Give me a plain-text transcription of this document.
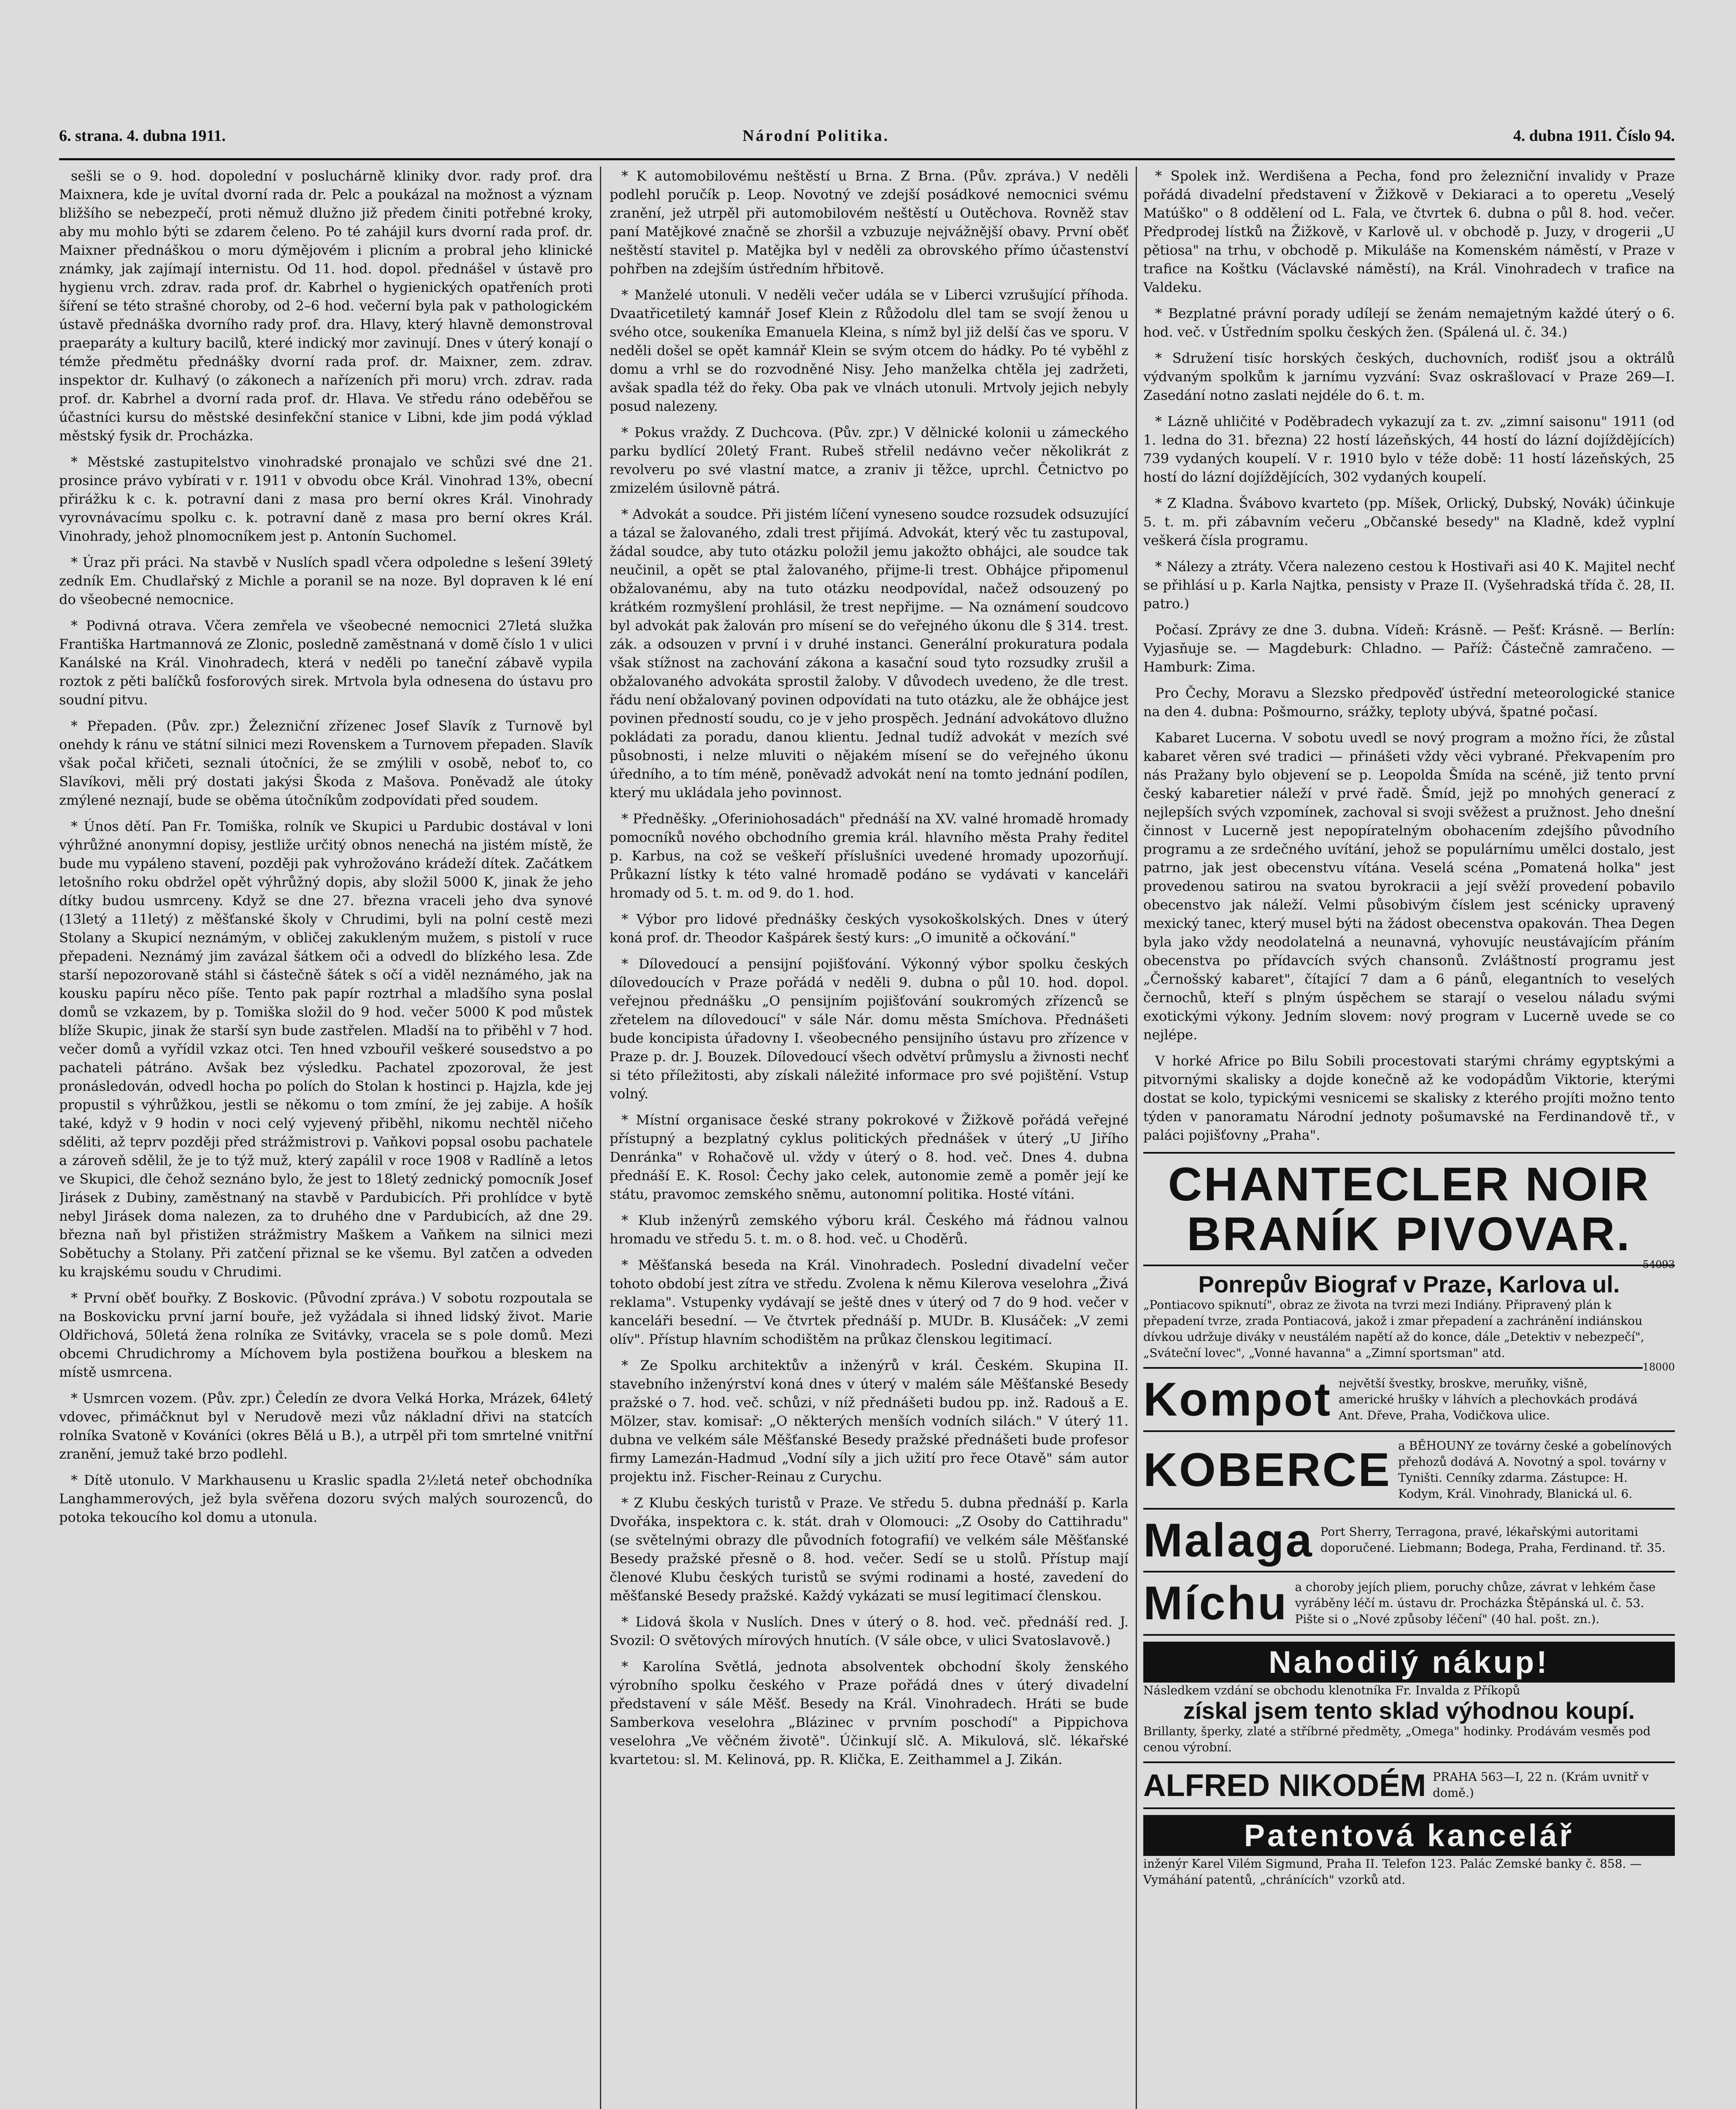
6. strana. 4. dubna 1911.	Národní Politika.	4. dubna 1911. Číslo 94.

sešli se o 9. hod. dopolední v posluchárně kliniky dvor. rady prof. dra Maixnera, kde je uvítal dvorní rada dr. Pelc a poukázal na možnost a význam bližšího se nebezpečí, proti němuž dlužno již předem činiti potřebné kroky, aby mu mohlo býti se zdarem čeleno. Po té zahájil kurs dvorní rada prof. dr. Maixner přednáškou o moru dýmějovém i plicním a probral jeho klinické známky, jak zajímají internistu. Od 11. hod. dopol. přednášel v ústavě pro hygienu vrch. zdrav. rada prof. dr. Kabrhel o hygienických opatřeních proti šíření se této strašné choroby, od 2–6 hod. večerní byla pak v pathologickém ústavě přednáška dvorního rady prof. dra. Hlavy, který hlavně demonstroval praeparáty a kultury bacilů, které indický mor zavinují. Dnes v úterý konají o témže předmětu přednášky dvorní rada prof. dr. Maixner, zem. zdrav. inspektor dr. Kulhavý (o zákonech a nařízeních při moru) vrch. zdrav. rada prof. dr. Kabrhel a dvorní rada prof. dr. Hlava. Ve středu ráno odeběřou se účastníci kursu do městské desinfekční stanice v Libni, kde jim podá výklad městský fysik dr. Procházka.

* Městské zastupitelstvo vinohradské pronajalo ve schůzi své dne 21. prosince právo vybírati v r. 1911 v obvodu obce Král. Vinohrad 13%, obecní přirážku k c. k. potravní dani z masa pro berní okres Král. Vinohrady vyrovnávacímu spolku c. k. potravní daně z masa pro berní okres Král. Vinohrady, jehož plnomocníkem jest p. Antonín Suchomel.

* Úraz při práci. Na stavbě v Nuslích spadl včera odpoledne s lešení 39letý zedník Em. Chudlařský z Michle a poranil se na noze. Byl dopraven k lé ení do všeobecné nemocnice.

* Podivná otrava. Včera zemřela ve všeobecné nemocnici 27letá služka Františka Hartmannová ze Zlonic, posledně zaměstnaná v domě číslo 1 v ulici Kanálské na Král. Vinohradech, která v neděli po taneční zábavě vypila roztok z pěti balíčků fosforových sirek. Mrtvola byla odnesena do ústavu pro soudní pitvu.

* Přepaden. (Pův. zpr.) Železniční zřízenec Josef Slavík z Turnově byl onehdy k ránu ve státní silnici mezi Rovenskem a Turnovem přepaden. Slavík však počal křičeti, seznali útočníci, že se zmýlili v osobě, neboť to, co Slavíkovi, měli prý dostati jakýsi Škoda z Mašova. Poněvadž ale útoky zmýlené neznají, bude se oběma útočníkům zodpovídati před soudem.

* Únos dětí. Pan Fr. Tomiška, rolník ve Skupici u Pardubic dostával v loni výhrůžné anonymní dopisy, jestliže určitý obnos nenechá na jistém místě, že bude mu vypáleno stavení, později pak vyhrožováno krádeží dítek. Začátkem letošního roku obdržel opět výhrůžný dopis, aby složil 5000 K, jinak že jeho dítky budou usmrceny. Když se dne 27. března vraceli jeho dva synové (13letý a 11letý) z měšťanské školy v Chrudimi, byli na polní cestě mezi Stolany a Skupicí neznámým, v obličej zakukleným mužem, s pistolí v ruce přepadeni. Neznámý jim zavázal šátkem oči a odvedl do blízkého lesa. Zde starší nepozorovaně stáhl si částečně šátek s očí a viděl neznámého, jak na kousku papíru něco píše. Tento pak papír roztrhal a mladšího syna poslal domů se vzkazem, by p. Tomiška složil do 9 hod. večer 5000 K pod můstek blíže Skupic, jinak že starší syn bude zastřelen. Mladší na to přiběhl v 7 hod. večer domů a vyřídil vzkaz otci. Ten hned vzbouřil veškeré sousedstvo a po pachateli pátráno. Avšak bez výsledku. Pachatel zpozoroval, že jest pronásledován, odvedl hocha po polích do Stolan k hostinci p. Hajzla, kde jej propustil s výhrůžkou, jestli se někomu o tom zmíní, že jej zabije. A hošík také, když v 9 hodin v noci celý vyjevený přiběhl, nikomu nechtěl ničeho sděliti, až teprv později před strážmistrovi p. Vaňkovi popsal osobu pachatele a zároveň sdělil, že je to týž muž, který zapálil v roce 1908 v Radlíně a letos ve Skupici, dle čehož seznáno bylo, že jest to 18letý zednický pomocník Josef Jirásek z Dubiny, zaměstnaný na stavbě v Pardubicích. Při prohlídce v bytě nebyl Jirásek doma nalezen, za to druhého dne v Pardubicích, až dne 29. března naň byl přistižen strážmistry Maškem a Vaňkem na silnici mezi Sobětuchy a Stolany. Při zatčení přiznal se ke všemu. Byl zatčen a odveden ku krajskému soudu v Chrudimi.

* První oběť bouřky. Z Boskovic. (Původní zpráva.) V sobotu rozpoutala se na Boskovicku první jarní bouře, jež vyžádala si ihned lidský život. Marie Oldřichová, 50letá žena rolníka ze Svitávky, vracela se s pole domů. Mezi obcemi Chrudichromy a Míchovem byla postižena bouřkou a bleskem na místě usmrcena.

* Usmrcen vozem. (Pův. zpr.) Čeledín ze dvora Velká Horka, Mrázek, 64letý vdovec, přimáčknut byl v Nerudově mezi vůz nákladní dřivi na statcích rolníka Svatoně v Kováníci (okres Bělá u B.), a utrpěl při tom smrtelné vnitřní zranění, jemuž také brzo podlehl.

* Dítě utonulo. V Markhausenu u Kraslic spadla 2½letá neteř obchodníka Langhammerových, jež byla svěřena dozoru svých malých sourozenců, do potoka tekoucího kol domu a utonula.

* K automobilovému neštěstí u Brna. Z Brna. (Pův. zpráva.) V neděli podlehl poručík p. Leop. Novotný ve zdejší posádkové nemocnici svému zranění, jež utrpěl při automobilovém neštěstí u Outěchova. Rovněž stav paní Matějkové značně se zhoršil a vzbuzuje nejvážnější obavy. První oběť neštěstí stavitel p. Matějka byl v neděli za obrovského přímo účastenství pohřben na zdejším ústředním hřbitově.

* Manželé utonuli. V neděli večer udála se v Liberci vzrušující příhoda. Dvaatřicetiletý kamnář Josef Klein z Růžodolu dlel tam se svojí ženou u svého otce, soukeníka Emanuela Kleina, s nímž byl již delší čas ve sporu. V neděli došel se opět kamnář Klein se svým otcem do hádky. Po té vyběhl z domu a vrhl se do rozvodněné Nisy. Jeho manželka chtěla jej zadržeti, avšak spadla též do řeky. Oba pak ve vlnách utonuli. Mrtvoly jejich nebyly posud nalezeny.

* Pokus vraždy. Z Duchcova. (Pův. zpr.) V dělnické kolonii u zámeckého parku bydlící 20letý Frant. Rubeš střelil nedávno večer několikrát z revolveru po své vlastní matce, a zraniv ji těžce, uprchl. Četnictvo po zmizelém úsilovně pátrá.

* Advokát a soudce. Při jistém líčení vyneseno soudce rozsudek odsuzující a tázal se žalovaného, zdali trest přijímá. Advokát, který věc tu zastupoval, žádal soudce, aby tuto otázku položil jemu jakožto obhájci, ale soudce tak neučinil, a opět se ptal žalovaného, přijme-li trest. Obhájce připomenul obžalovanému, aby na tuto otázku neodpovídal, načež odsouzený po krátkém rozmyšlení prohlásil, že trest nepřijme. — Na oznámení soudcovo byl advokát pak žalován pro mísení se do veřejného úkonu dle § 314. trest. zák. a odsouzen v první i v druhé instanci. Generální prokuratura podala však stížnost na zachování zákona a kasační soud tyto rozsudky zrušil a obžalovaného advokáta sprostil žaloby. V důvodech uvedeno, že dle trest. řádu není obžalovaný povinen odpovídati na tuto otázku, ale že obhájce jest povinen předností soudu, co je v jeho prospěch. Jednání advokátovo dlužno pokládati za poradu, danou klientu. Jednal tudíž advokát v mezích své působnosti, i nelze mluviti o nějakém mísení se do veřejného úkonu úředního, a to tím méně, poněvadž advokát není na tomto jednání podílen, který mu ukládala jeho povinnost.

* Předněšky. „Oferiniohosadách" přednáší na XV. valné hromadě hromady pomocníků nového obchodního gremia král. hlavního města Prahy ředitel p. Karbus, na což se veškeří příslušníci uvedené hromady upozorňují. Průkazní lístky k této valné hromadě podáno se vydávati v kanceláři hromady od 5. t. m. od 9. do 1. hod.

* Výbor pro lidové přednášky českých vysokoškolských. Dnes v úterý koná prof. dr. Theodor Kašpárek šestý kurs: „O imunitě a očkování."

* Dílovedoucí a pensijní pojišťování. Výkonný výbor spolku českých dílovedoucích v Praze pořádá v neděli 9. dubna o půl 10. hod. dopol. veřejnou přednášku „O pensijním pojišťování soukromých zřízenců se zřetelem na dílovedoucí" v sále Nár. domu města Smíchova. Přednášeti bude koncipista úřadovny I. všeobecného pensijního ústavu pro zřízence v Praze p. dr. J. Bouzek. Dílovedoucí všech odvětví průmyslu a živnosti nechť si této příležitosti, aby získali náležité informace pro své pojištění. Vstup volný.

* Místní organisace české strany pokrokové v Žižkově pořádá veřejné přístupný a bezplatný cyklus politických přednášek v úterý „U Jiřího Denránka" v Rohačově ul. vždy v úterý o 8. hod. več. Dnes 4. dubna přednáší E. K. Rosol: Čechy jako celek, autonomie země a poměr její ke státu, pravomoc zemského sněmu, autonomní politika. Hosté vítáni.

* Klub inženýrů zemského výboru král. Českého má řádnou valnou hromadu ve středu 5. t. m. o 8. hod. več. u Choděrů.

* Měšťanská beseda na Král. Vinohradech. Poslední divadelní večer tohoto období jest zítra ve středu. Zvolena k němu Kilerova veselohra „Živá reklama". Vstupenky vydávají se ještě dnes v úterý od 7 do 9 hod. večer v kanceláři besední. — Ve čtvrtek přednáší p. MUDr. B. Klusáček: „V zemi olív". Přístup hlavním schodištěm na průkaz členskou legitimací.

* Ze Spolku architektův a inženýrů v král. Českém. Skupina II. stavebního inženýrství koná dnes v úterý v malém sále Měšťanské Besedy pražské o 7. hod. več. schůzi, v níž přednášeti budou pp. inž. Radouš a E. Mölzer, stav. komisař: „O některých menších vodních silách." V úterý 11. dubna ve velkém sále Měšťanské Besedy pražské přednášeti bude profesor firmy Lamezán-Hadmud „Vodní síly a jich užití pro řece Otavě" sám autor projektu inž. Fischer-Reinau z Curychu.

* Z Klubu českých turistů v Praze. Ve středu 5. dubna přednáší p. Karla Dvořáka, inspektora c. k. stát. drah v Olomouci: „Z Osoby do Cattihradu" (se světelnými obrazy dle původních fotografií) ve velkém sále Měšťanské Besedy pražské přesně o 8. hod. večer. Sedí se u stolů. Přístup mají členové Klubu českých turistů se svými rodinami a hosté, zavedení do měšťanské Besedy pražské. Každý vykázati se musí legitimací členskou.

* Lidová škola v Nuslích. Dnes v úterý o 8. hod. več. přednáší red. J. Svozil: O světových mírových hnutích. (V sále obce, v ulici Svatoslavově.)

* Karolína Světlá, jednota absolventek obchodní školy ženského výrobního spolku českého v Praze pořádá dnes v úterý divadelní představení v sále Měšť. Besedy na Král. Vinohradech. Hráti se bude Samberkova veselohra „Blázinec v prvním poschodí" a Pippichova veselohra „Ve věčném životě". Účinkují slč. A. Mikulová, slč. lékařské kvartetou: sl. M. Kelinová, pp. R. Klička, E. Zeithammel a J. Zikán.

* Spolek inž. Werdišena a Pecha, fond pro železniční invalidy v Praze pořádá divadelní představení v Žižkově v Dekiaraci a to operetu „Veselý Matúško" o 8 oddělení od L. Fala, ve čtvrtek 6. dubna o půl 8. hod. večer. Předprodej lístků na Žižkově, v Karlově ul. v obchodě p. Juzy, v drogerii „U pětiosa" na trhu, v obchodě p. Mikuláše na Komenském náměstí, v Praze v trafice na Koštku (Václavské náměstí), na Král. Vinohradech v trafice na Valdeku.

* Bezplatné právní porady udílejí se ženám nemajetným každé úterý o 6. hod. več. v Ústředním spolku českých žen. (Spálená ul. č. 34.)

* Sdružení tisíc horských českých, duchovních, rodišť jsou a oktrálů výdvaným spolkům k jarnímu vyzvání: Svaz oskrašlovací v Praze 269—I. Zasedání notno zaslati nejdéle do 6. t. m.

* Lázně uhličité v Poděbradech vykazují za t. zv. „zimní saisonu" 1911 (od 1. ledna do 31. března) 22 hostí lázeňských, 44 hostí do lázní dojíždějících) 739 vydaných koupelí. V r. 1910 bylo v téže době: 11 hostí lázeňských, 25 hostí do lázní dojíždějících, 302 vydaných koupelí.

* Z Kladna. Švábovo kvarteto (pp. Míšek, Orlický, Dubský, Novák) účinkuje 5. t. m. při zábavním večeru „Občanské besedy" na Kladně, kdež vyplní veškerá čísla programu.

* Nálezy a ztráty. Včera nalezeno cestou k Hostivaři asi 40 K. Majitel nechť se přihlásí u p. Karla Najtka, pensisty v Praze II. (Vyšehradská třída č. 28, II. patro.)

Počasí. Zprávy ze dne 3. dubna. Vídeň: Krásně. — Pešť: Krásně. — Berlín: Vyjasňuje se. — Magdeburk: Chladno. — Paříž: Částečně zamračeno. — Hamburk: Zima.

Pro Čechy, Moravu a Slezsko předpověď ústřední meteorologické stanice na den 4. dubna: Pošmourno, srážky, teploty ubývá, špatné počasí.

Kabaret Lucerna. V sobotu uvedl se nový program a možno říci, že zůstal kabaret věren své tradici — přinášeti vždy věci vybrané. Překvapením pro nás Pražany bylo objevení se p. Leopolda Šmída na scéně, již tento první český kabaretier náleží v prvé řadě. Šmíd, jejž po mnohých generací z nejlepších svých vzpomínek, zachoval si svoji svěžest a pružnost. Jeho dnešní činnost v Lucerně jest nepopíratelným obohacením zdejšího původního programu a ze srdečného uvítání, jehož se populárnímu umělci dostalo, jest patrno, jak jest obecenstvu vítána. Veselá scéna „Pomatená holka" jest provedenou satirou na svatou byrokracii a její svěží provedení pobavilo obecenstvo jak náleží. Velmi působivým číslem jest scénicky upravený mexický tanec, který musel býti na žádost obecenstva opakován. Thea Degen byla jako vždy neodolatelná a neunavná, vyhovujíc neustávajícím přáním obecenstva po přídavcích svých chansonů. Zvláštností programu jest „Černošský kabaret", čítající 7 dam a 6 pánů, elegantních to veselých černochů, kteří s plným úspěchem se starají o veselou náladu svými exotickými výkony. Jedním slovem: nový program v Lucerně uvede se co nejlépe.

V horké Africe po Bilu Sobili procestovati starými chrámy egyptskými a pitvornými skalisky a dojde konečně až ke vodopádům Viktorie, kterými dostat se kolo, typickými vesnicemi se skalisky z kterého projíti možno tento týden v panoramatu Národní jednoty pošumavské na Ferdinandově tř., v paláci pojišťovny „Praha".

CHANTECLER NOIR
BRANÍK PIVOVAR.
54093
Ponrepův Biograf v Praze, Karlova ul.
„Pontiacovo spiknutí", obraz ze života na tvrzi mezi Indiány. Připravený plán k přepadení tvrze, zrada Pontiacová, jakož i zmar přepadení a zachránění indiánskou dívkou udržuje diváky v neustálém napětí až do konce, dále „Detektiv v nebezpečí", „Sváteční lovec", „Vonné havanna" a „Zimní sportsman" atd.
18000
Kompot největší švestky, broskve, meruňky, višně, americké hrušky v láhvích a plechovkách prodává Ant. Dřeve, Praha, Vodičkova ulice.
KOBERCE a BĚHOUNY ze továrny české a gobelínových přehozů dodává A. Novotný a spol. továrny v Tyništi. Cenníky zdarma. Zástupce: H. Kodym, Král. Vinohrady, Blanická ul. 6.
Malaga Port Sherry, Terragona, pravé, lékařskými autoritami doporučené. Liebmann; Bodega, Praha, Ferdinand. tř. 35.
Míchu a choroby jejích pliem, poruchy chůze, závrat v lehkém čase vyráběny léčí m. ústavu dr. Procházka Štěpánská ul. č. 53. Pište si o „Nové způsoby léčení" (40 hal. pošt. zn.).
Nahodilý nákup!
Následkem vzdání se obchodu klenotníka Fr. Invalda z Příkopů
získal jsem tento sklad výhodnou koupí.
Brillanty, šperky, zlaté a stříbrné předměty, „Omega" hodinky. Prodávám vesměs pod cenou výrobní.
ALFRED NIKODÉM PRAHA 563—I, 22 n. (Krám uvnitř v domě.)
Patentová kancelář
inženýr Karel Vilém Sigmund, Praha II. Telefon 123. Palác Zemské banky č. 858. — Vymáhání patentů, „chránících" vzorků atd.
